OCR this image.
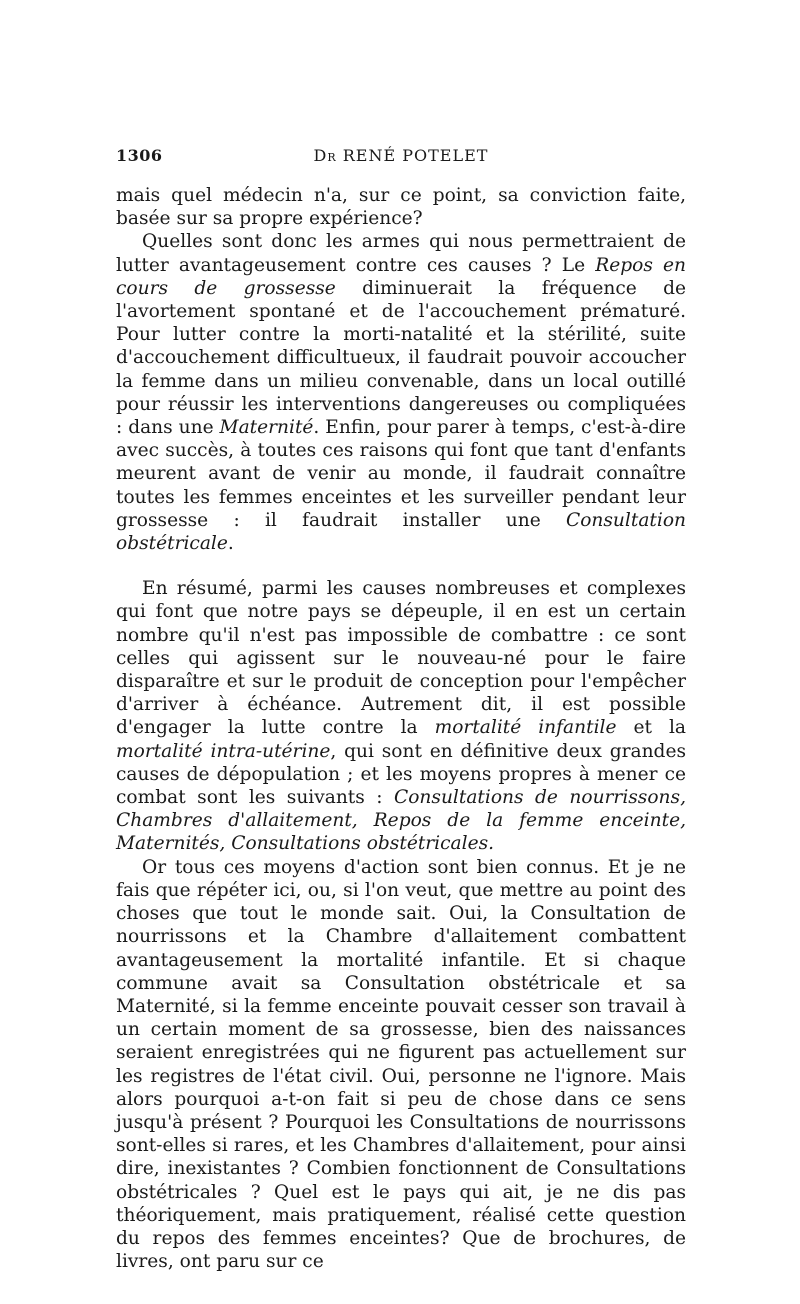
1306	Dr RENÉ POTELET

mais quel médecin n'a, sur ce point, sa conviction faite, basée sur sa propre expérience?

Quelles sont donc les armes qui nous permettraient de lutter avantageusement contre ces causes ? Le Repos en cours de grossesse diminuerait la fréquence de l'avortement spontané et de l'accouchement prématuré. Pour lutter contre la morti-natalité et la stérilité, suite d'accouchement difficultueux, il faudrait pouvoir accoucher la femme dans un milieu convenable, dans un local outillé pour réussir les interventions dangereuses ou compliquées : dans une Maternité. Enfin, pour parer à temps, c'est-à-dire avec succès, à toutes ces raisons qui font que tant d'enfants meurent avant de venir au monde, il faudrait connaître toutes les femmes enceintes et les surveiller pendant leur grossesse : il faudrait installer une Consultation obstétricale.

En résumé, parmi les causes nombreuses et complexes qui font que notre pays se dépeuple, il en est un certain nombre qu'il n'est pas impossible de combattre : ce sont celles qui agissent sur le nouveau-né pour le faire disparaître et sur le produit de conception pour l'empêcher d'arriver à échéance. Autrement dit, il est possible d'engager la lutte contre la mortalité infantile et la mortalité intra-utérine, qui sont en définitive deux grandes causes de dépopulation ; et les moyens propres à mener ce combat sont les suivants : Consultations de nourrissons, Chambres d'allaitement, Repos de la femme enceinte, Maternités, Consultations obstétricales.

Or tous ces moyens d'action sont bien connus. Et je ne fais que répéter ici, ou, si l'on veut, que mettre au point des choses que tout le monde sait. Oui, la Consultation de nourrissons et la Chambre d'allaitement combattent avantageusement la mortalité infantile. Et si chaque commune avait sa Consultation obstétricale et sa Maternité, si la femme enceinte pouvait cesser son travail à un certain moment de sa grossesse, bien des naissances seraient enregistrées qui ne figurent pas actuellement sur les registres de l'état civil. Oui, personne ne l'ignore. Mais alors pourquoi a-t-on fait si peu de chose dans ce sens jusqu'à présent ? Pourquoi les Consultations de nourrissons sont-elles si rares, et les Chambres d'allaitement, pour ainsi dire, inexistantes ? Combien fonctionnent de Consultations obstétricales ? Quel est le pays qui ait, je ne dis pas théoriquement, mais pratiquement, réalisé cette question du repos des femmes enceintes? Que de brochures, de livres, ont paru sur ce
